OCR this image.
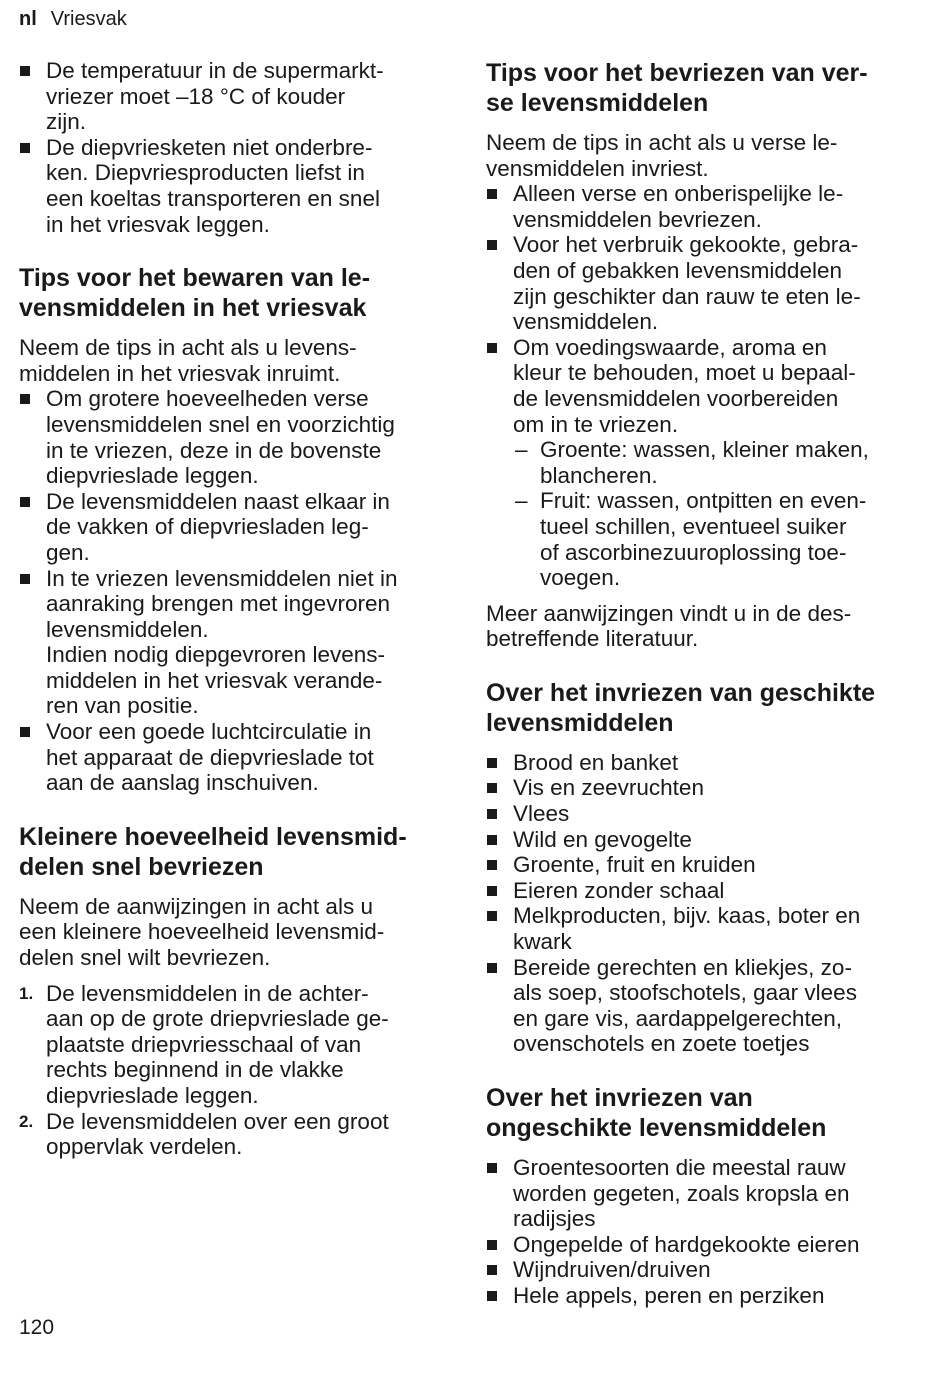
nl Vriesvak
De temperatuur in de supermarkt-
vriezer moet –18 °C of kouder
zijn.
De diepvriesketen niet onderbre-
ken. Diepvriesproducten liefst in
een koeltas transporteren en snel
in het vriesvak leggen.
Tips voor het bewaren van le-
vensmiddelen in het vriesvak

Neem de tips in acht als u levens-
middelen in het vriesvak inruimt.

Om grotere hoeveelheden verse
levensmiddelen snel en voorzichtig
in te vriezen, deze in de bovenste
diepvrieslade leggen.
De levensmiddelen naast elkaar in
de vakken of diepvriesladen leg-
gen.
In te vriezen levensmiddelen niet in
aanraking brengen met ingevroren
levensmiddelen.
Indien nodig diepgevroren levens-
middelen in het vriesvak verande-
ren van positie.
Voor een goede luchtcirculatie in
het apparaat de diepvrieslade tot
aan de aanslag inschuiven.
Kleinere hoeveelheid levensmid-
delen snel bevriezen

Neem de aanwijzingen in acht als u
een kleinere hoeveelheid levensmid-
delen snel wilt bevriezen.

1. De levensmiddelen in de achter-
aan op de grote driepvrieslade ge-
plaatste driepvriesschaal of van
rechts beginnend in de vlakke
diepvrieslade leggen.
2. De levensmiddelen over een groot
oppervlak verdelen.
Tips voor het bevriezen van ver-
se levensmiddelen

Neem de tips in acht als u verse le-
vensmiddelen invriest.

Alleen verse en onberispelijke le-
vensmiddelen bevriezen.
Voor het verbruik gekookte, gebra-
den of gebakken levensmiddelen
zijn geschikter dan rauw te eten le-
vensmiddelen.
Om voedingswaarde, aroma en
kleur te behouden, moet u bepaal-
de levensmiddelen voorbereiden
om in te vriezen.
– Groente: wassen, kleiner maken,
blancheren.
– Fruit: wassen, ontpitten en even-
tueel schillen, eventueel suiker
of ascorbinezuuroplossing toe-
voegen.

Meer aanwijzingen vindt u in de des-
betreffende literatuur.

Over het invriezen van geschikte
levensmiddelen
Brood en banket
Vis en zeevruchten
Vlees
Wild en gevogelte
Groente, fruit en kruiden
Eieren zonder schaal
Melkproducten, bijv. kaas, boter en
kwark
Bereide gerechten en kliekjes, zo-
als soep, stoofschotels, gaar vlees
en gare vis, aardappelgerechten,
ovenschotels en zoete toetjes
Over het invriezen van
ongeschikte levensmiddelen
Groentesoorten die meestal rauw
worden gegeten, zoals kropsla en
radijsjes
Ongepelde of hardgekookte eieren
Wijndruiven/druiven
Hele appels, peren en perziken
120
